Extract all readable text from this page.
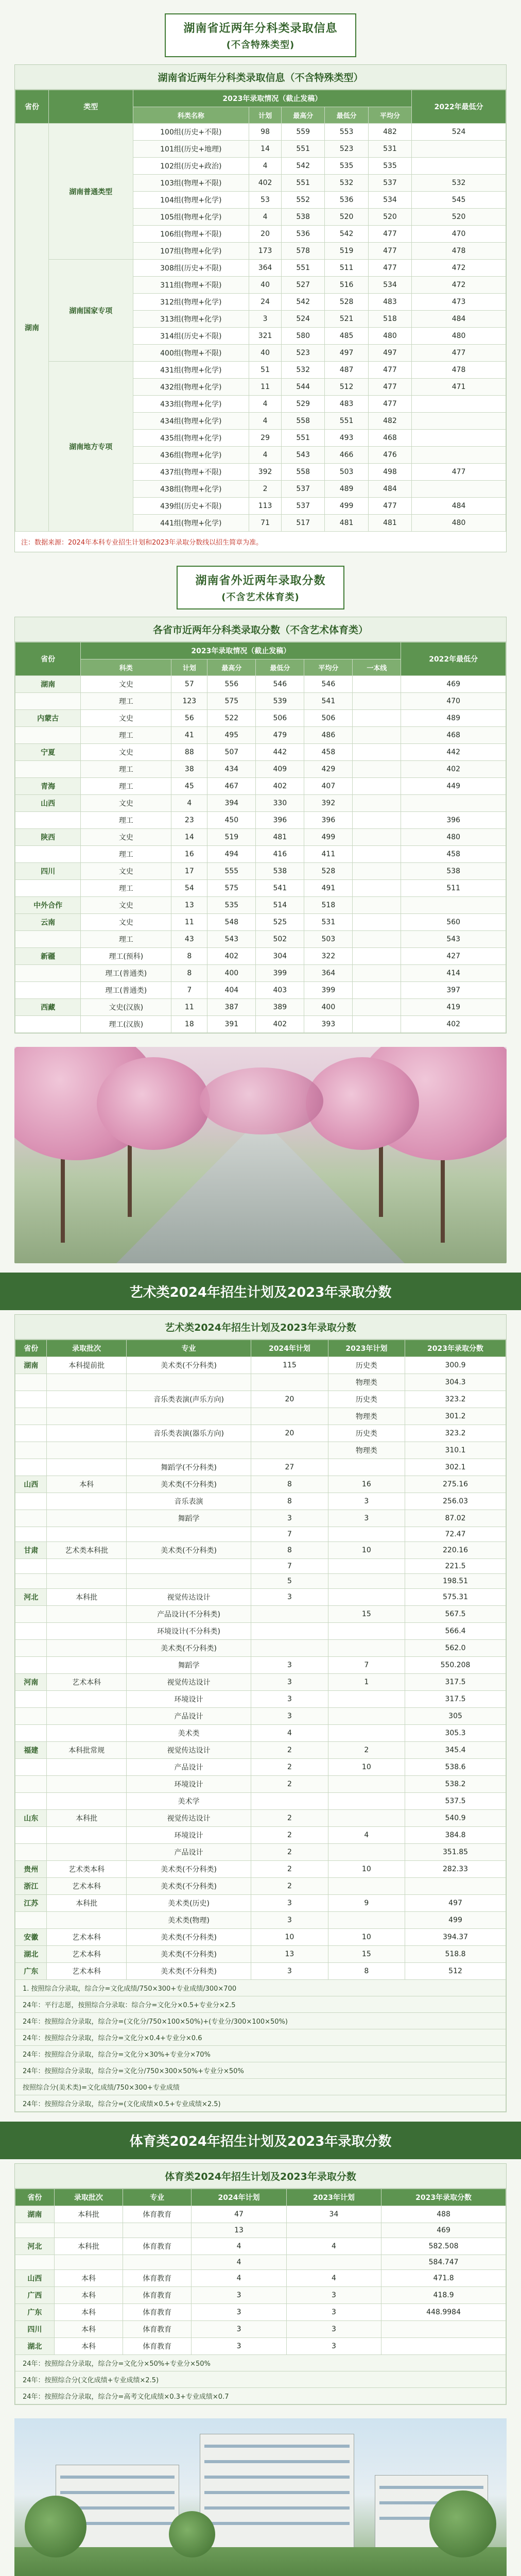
湖南省近两年分科类录取信息
(不含特殊类型)
湖南省近两年分科类录取信息（不含特殊类型）
省份	类型	2023年录取情况（截止发稿）					2022年最低分
		科类名称	计划	最高分	最低分	平均分	
湖南	湖南普通类型	100组(历史+不限)	98	559	553	482	524
		101组(历史+地理)	14	551	523	531	
		102组(历史+政治)	4	542	535	535	
		103组(物理+不限)	402	551	532	537	532
		104组(物理+化学)	53	552	536	534	545
		105组(物理+化学)	4	538	520	520	520
		106组(物理+不限)	20	536	542	477	470
		107组(物理+化学)	173	578	519	477	478
	湖南国家专项	308组(历史+不限)	364	551	511	477	472
		311组(物理+不限)	40	527	516	534	472
		312组(物理+化学)	24	542	528	483	473
		313组(物理+化学)	3	524	521	518	484
		314组(历史+不限)	321	580	485	480	480
		400组(物理+不限)	40	523	497	497	477
	湖南地方专项	431组(物理+化学)	51	532	487	477	478
		432组(物理+化学)	11	544	512	477	471
		433组(物理+化学)	4	529	483	477	
		434组(物理+化学)	4	558	551	482	
		435组(物理+化学)	29	551	493	468	
		436组(物理+化学)	4	543	466	476	
		437组(物理+不限)	392	558	503	498	477
		438组(物理+化学)	2	537	489	484	
		439组(历史+不限)	113	537	499	477	484
		441组(物理+化学)	71	517	481	481	480
注：数据来源：2024年本科专业招生计划和2023年录取分数线以招生简章为准。
湖南省外近两年录取分数
(不含艺术体育类)
各省市近两年分科类录取分数（不含艺术体育类）
省份	2023年录取情况（截止发稿）						2022年最低分
	科类	计划	最高分	最低分	平均分	一本线	
湖南	文史	57	556	546	546		469
	理工	123	575	539	541		470
内蒙古	文史	56	522	506	506		489
	理工	41	495	479	486		468
宁夏	文史	88	507	442	458		442
	理工	38	434	409	429		402
青海	理工	45	467	402	407		449
山西	文史	4	394	330	392		
	理工	23	450	396	396		396
陕西	文史	14	519	481	499		480
	理工	16	494	416	411		458
四川	文史	17	555	538	528		538
	理工	54	575	541	491		511
中外合作	文史	13	535	514	518		
云南	文史	11	548	525	531		560
	理工	43	543	502	503		543
新疆	理工(预科)	8	402	304	322		427
	理工(普通类)	8	400	399	364		414
	理工(普通类)	7	404	403	399		397
西藏	文史(汉族)	11	387	389	400		419
	理工(汉族)	18	391	402	393		402
艺术类2024年招生计划及2023年录取分数
艺术类2024年招生计划及2023年录取分数
省份	录取批次	专业	2024年计划	2023年计划	2023年录取分数
湖南	本科提前批	美术类(不分科类)	115	历史类	300.9
				物理类	304.3
		音乐类表演(声乐方向)	20	历史类	323.2
				物理类	301.2
		音乐类表演(器乐方向)	20	历史类	323.2
				物理类	310.1
		舞蹈学(不分科类)	27		302.1
山西	本科	美术类(不分科类)	8	16	275.16
		音乐表演	8	3	256.03
		舞蹈学	3	3	87.02
			7		72.47
甘肃	艺术类本科批	美术类(不分科类)	8	10	220.16
			7		221.5
			5		198.51
河北	本科批	视觉传达设计	3		575.31
		产品设计(不分科类)		15	567.5
		环境设计(不分科类)			566.4
		美术类(不分科类)			562.0
		舞蹈学	3	7	550.208
河南	艺术本科	视觉传达设计	3	1	317.5
		环境设计	3		317.5
		产品设计	3		305
		美术类	4		305.3
福建	本科批常规	视觉传达设计	2	2	345.4
		产品设计	2	10	538.6
		环境设计	2		538.2
		美术学			537.5
山东	本科批	视觉传达设计	2		540.9
		环境设计	2	4	384.8
		产品设计	2		351.85
贵州	艺术类本科	美术类(不分科类)	2	10	282.33
浙江	艺术本科	美术类(不分科类)	2		
江苏	本科批	美术类(历史)	3	9	497
		美术类(物理)	3		499
安徽	艺术本科	美术类(不分科类)	10	10	394.37
湖北	艺术本科	美术类(不分科类)	13	15	518.8
广东	艺术本科	美术类(不分科类)	3	8	512
1. 按照综合分录取，综合分=文化成绩/750×300+专业成绩/300×700					
24年：平行志愿，按照综合分录取：综合分=文化分×0.5+专业分×2.5					
24年：按照综合分录取，综合分=(文化分/750×100×50%)+(专业分/300×100×50%)					
24年：按照综合分录取，综合分=文化分×0.4+专业分×0.6					
24年：按照综合分录取，综合分=文化分×30%+专业分×70%					
24年：按照综合分录取，综合分=文化分/750×300×50%+专业分×50%					
按照综合分(美术类)=文化成绩/750×300+专业成绩					
24年：按照综合分录取，综合分=(文化成绩×0.5+专业成绩×2.5)					
体育类2024年招生计划及2023年录取分数
体育类2024年招生计划及2023年录取分数
省份	录取批次	专业	2024年计划	2023年计划	2023年录取分数
湖南	本科批	体育教育	47	34	488
			13		469
河北	本科批	体育教育	4	4	582.508
			4		584.747
山西	本科	体育教育	4	4	471.8
广西	本科	体育教育	3	3	418.9
广东	本科	体育教育	3	3	448.9984
四川	本科	体育教育	3	3	
湖北	本科	体育教育	3	3	
24年：按照综合分录取，综合分=文化分×50%+专业分×50%					
24年：按照综合分(文化成绩+专业成绩×2.5)					
24年：按照综合分录取，综合分=高考文化成绩×0.3+专业成绩×0.7					
